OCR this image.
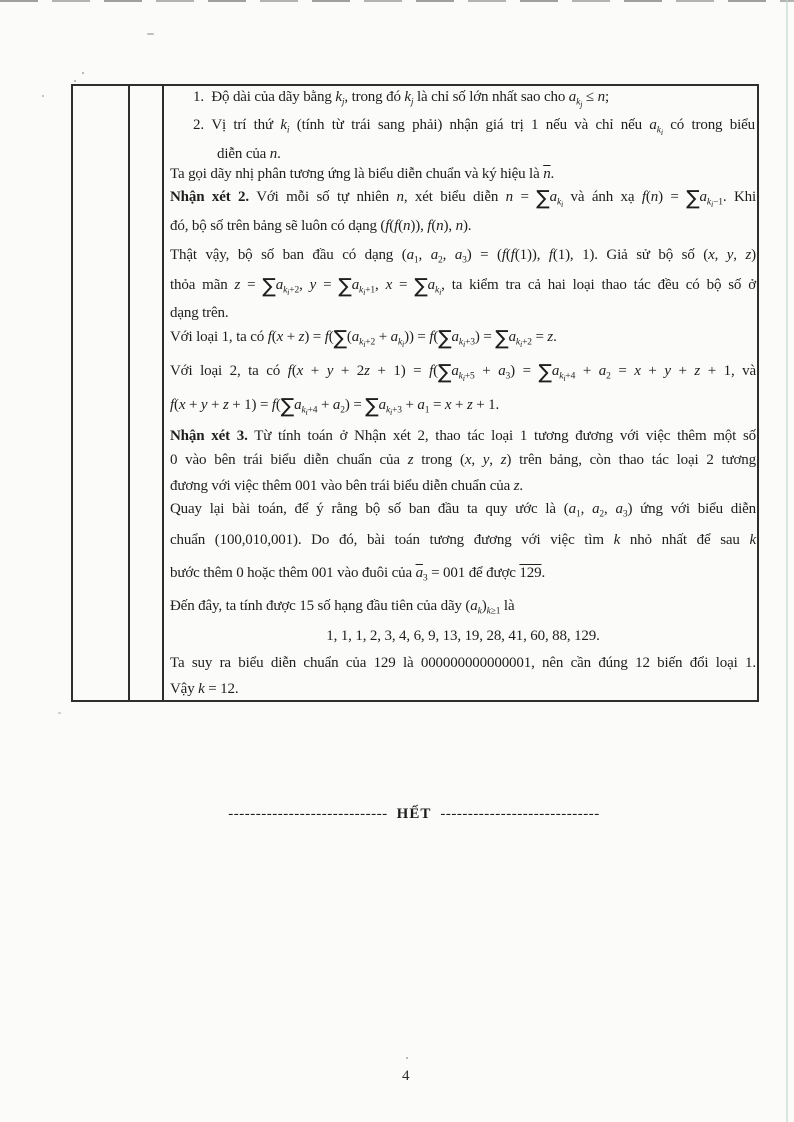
1. Độ dài của dãy bằng $k_j$, trong đó $k_j$ là chỉ số lớn nhất sao cho $a_{kj} \le n$;
2. Vị trí thứ $k_i$ (tính từ trái sang phải) nhận giá trị 1 nếu và chỉ nếu $a_{ki}$ có trong biểu
diễn của n.
Ta gọi dãy nhị phân tương ứng là biểu diễn chuẩn và ký hiệu là $\overline{n}$.
Nhận xét 2. Với mỗi số tự nhiên n, xét biểu diễn $n = \sum a_{ki}$ và ánh xạ $f(n) = \sum a_{ki-1}$. Khi
đó, bộ số trên bảng sẽ luôn có dạng (f(f(n)), f(n), n).
Thật vậy, bộ số ban đầu có dạng ($a_1$, $a_2$, $a_3) = (f(f(1))$, f(1), 1). Giả sử bộ số (x, y, z)
thỏa mãn $z = \sum a_{ki+2}$, $y = \sum a_{ki+1}$, $x = \sum a_{ki}$, ta kiểm tra cả hai loại thao tác đều có bộ số ở
dạng trên.
Với loại 1, ta có $f(x + z) = f(\sum(a_{ki+2} + a_{ki})) = f(\sum a_{ki+3}) = \sum a_{ki+2} = z$.
Với loại 2, ta có $f(x + y + 2z + 1) = f(\sum a_{ki+5} + a_3) = \sum a_{ki+4} + a_2 = x + y + z + 1$, và
$f(x + y + z + 1) = f(\sum a_{ki+4} + a_2) = \sum a_{ki+3} + a_1 = x + z + 1$.
Nhận xét 3. Từ tính toán ở Nhận xét 2, thao tác loại 1 tương đương với việc thêm một số
0 vào bên trái biểu diễn chuẩn của z trong (x, y, z) trên bảng, còn thao tác loại 2 tương
đương với việc thêm 001 vào bên trái biểu diễn chuẩn của z.
Quay lại bài toán, để ý rằng bộ số ban đầu ta quy ước là ($a_1$, $a_2$, $a_3$) ứng với biểu diễn
chuẩn (100,010,001). Do đó, bài toán tương đương với việc tìm k nhỏ nhất để sau k
bước thêm 0 hoặc thêm 001 vào đuôi của $\overline{a}_3 = 001$ để được 129.
Đến đây, ta tính được 15 số hạng đầu tiên của dãy $(a_k)_{k\ge 1}$ là
1, 1, 1, 2, 3, 4, 6, 9, 13, 19, 28, 41, 60, 88, 129.
Ta suy ra biểu diễn chuẩn của 129 là 000000000000001, nên cần đúng 12 biến đổi loại 1.
Vậy k = 12.
----------------------------- HẾT -----------------------------
4
